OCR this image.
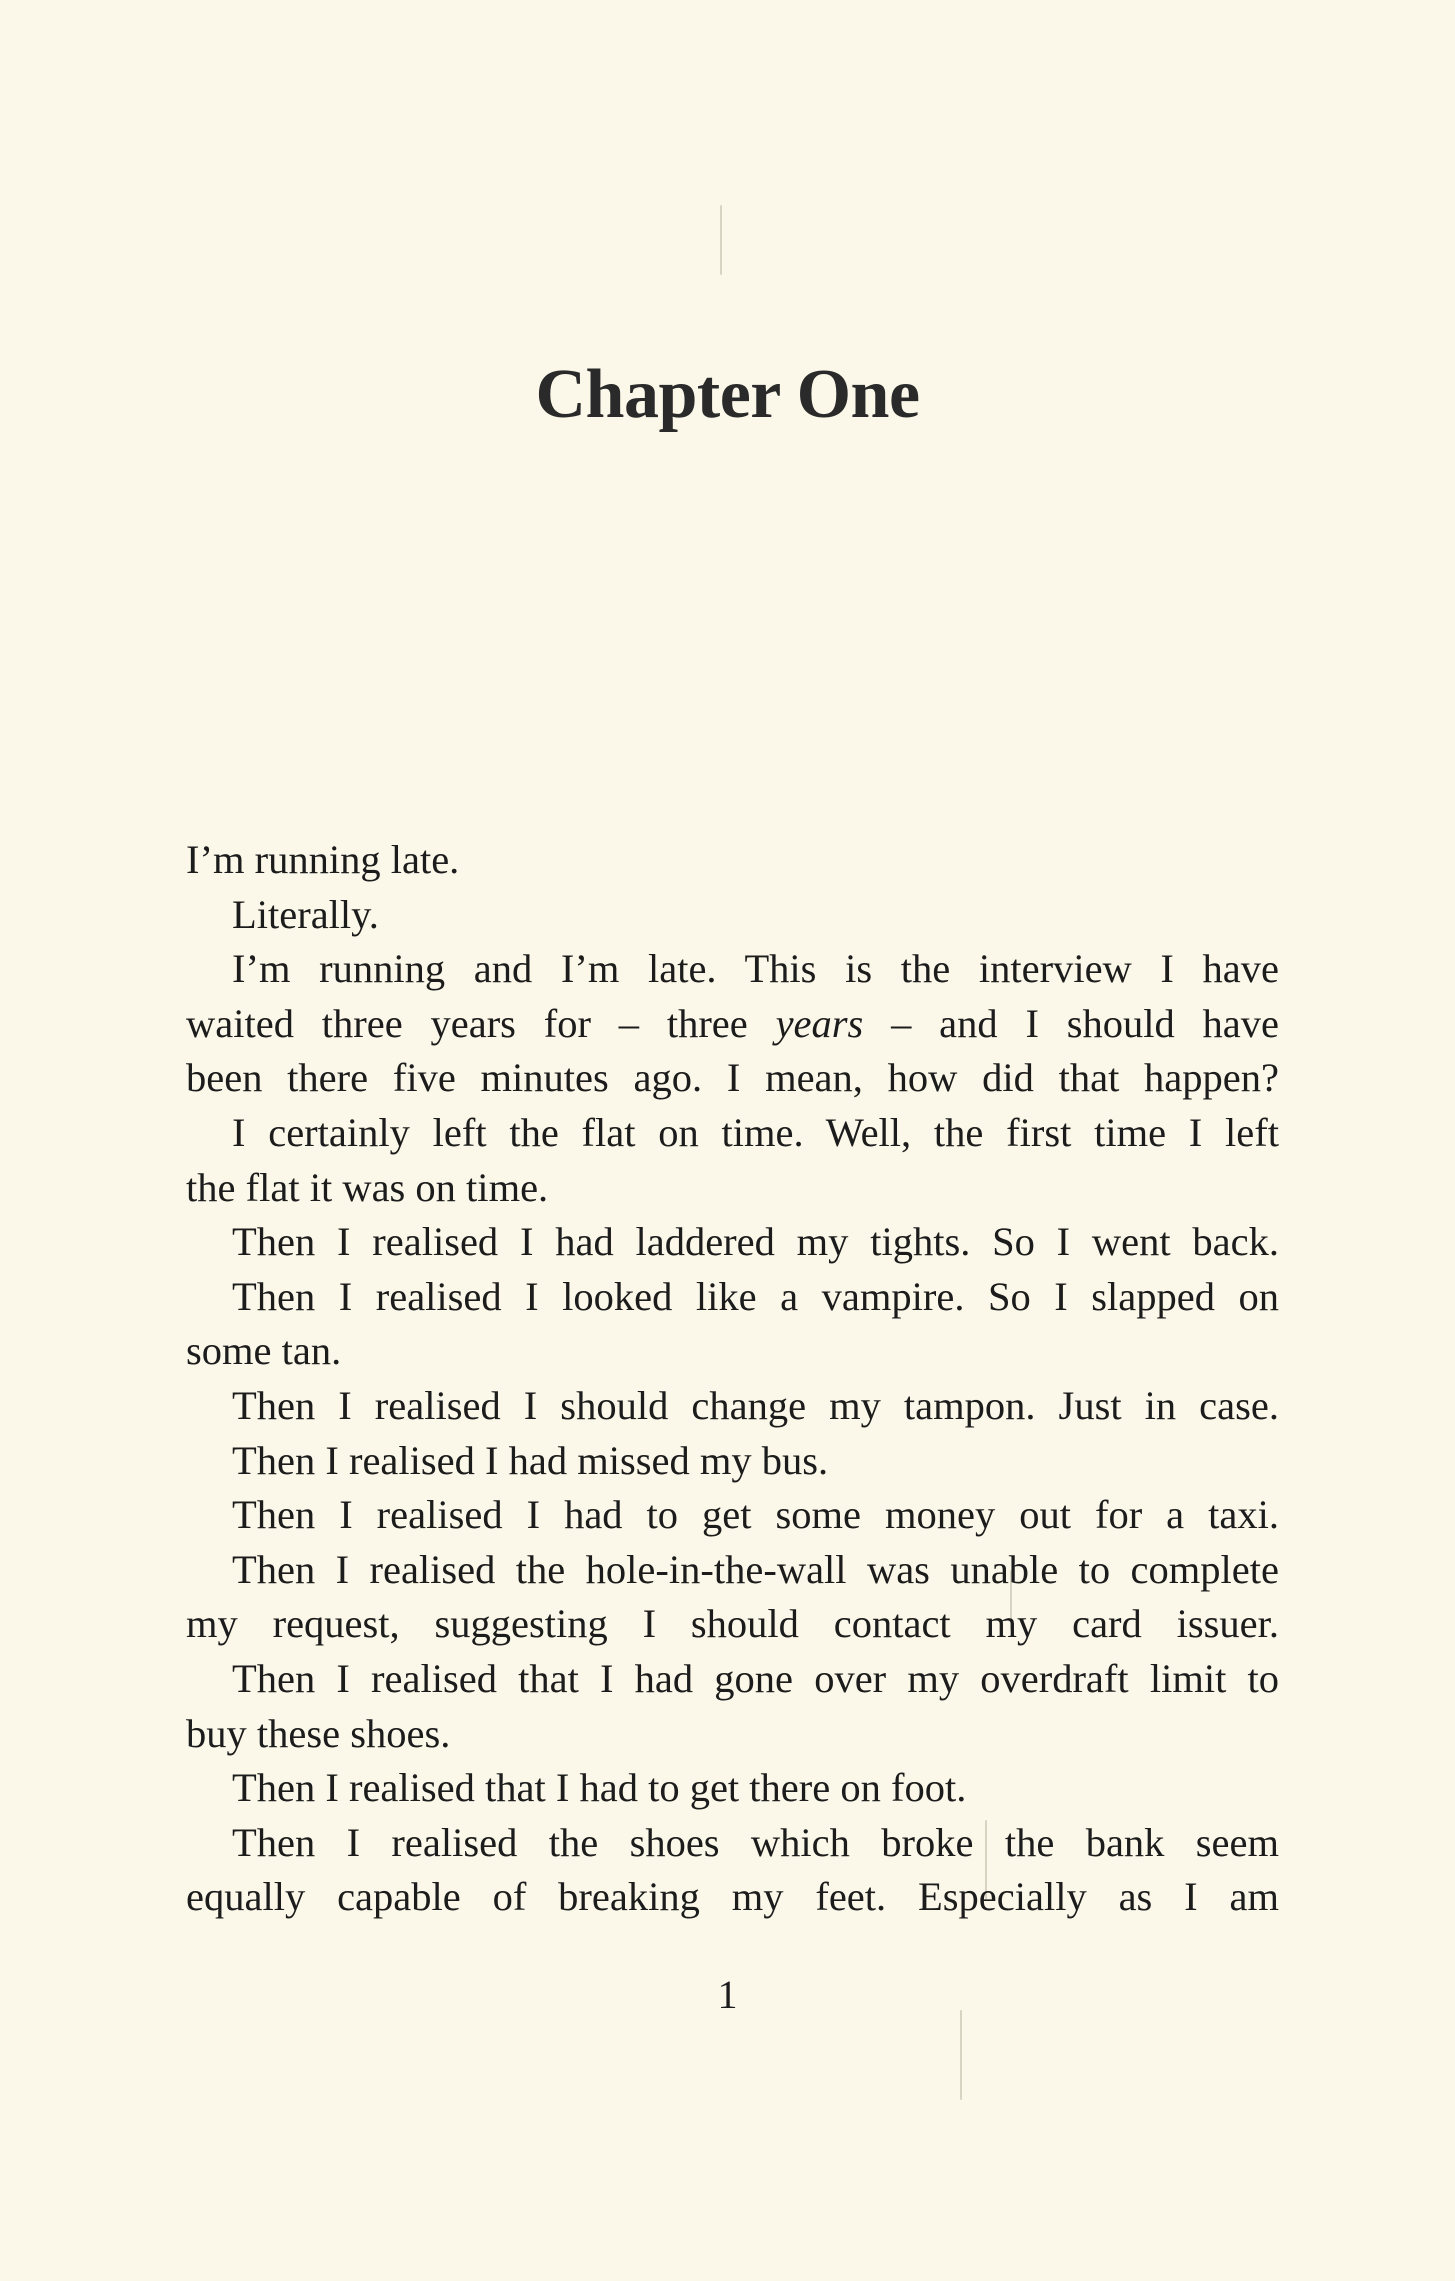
Chapter One
I’m running late.
Literally.
I’m running and I’m late. This is the interview I have
waited three years for – three years – and I should have
been there five minutes ago. I mean, how did that happen?
I certainly left the flat on time. Well, the first time I left
the flat it was on time.
Then I realised I had laddered my tights. So I went back.
Then I realised I looked like a vampire. So I slapped on
some tan.
Then I realised I should change my tampon. Just in case.
Then I realised I had missed my bus.
Then I realised I had to get some money out for a taxi.
Then I realised the hole-in-the-wall was unable to complete
my request, suggesting I should contact my card issuer.
Then I realised that I had gone over my overdraft limit to
buy these shoes.
Then I realised that I had to get there on foot.
Then I realised the shoes which broke the bank seem
equally capable of breaking my feet. Especially as I am
1
